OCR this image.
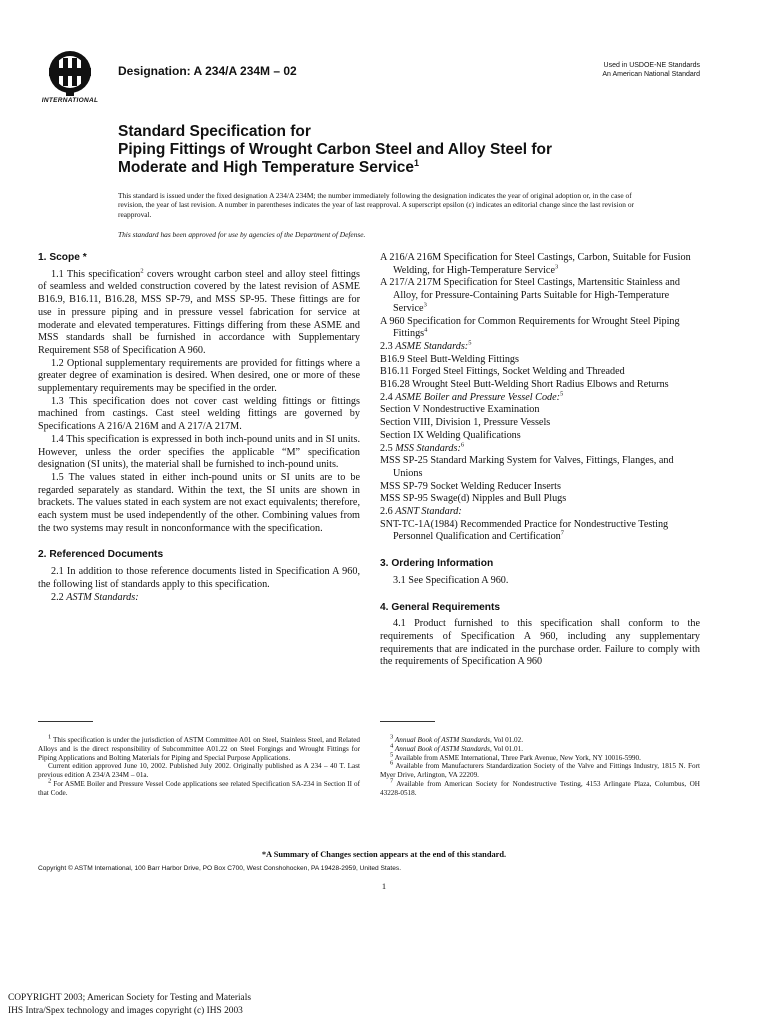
INTERNATIONAL
Designation: A 234/A 234M – 02	Used in USDOE-NE Standards
An American National Standard
Standard Specification for
Piping Fittings of Wrought Carbon Steel and Alloy Steel for
Moderate and High Temperature Service$^1$
This standard is issued under the fixed designation A 234/A 234M; the number immediately following the designation indicates the year of original adoption or, in the case of revision, the year of last revision. A number in parentheses indicates the year of last reapproval. A superscript epsilon (ε) indicates an editorial change since the last revision or reapproval.
This standard has been approved for use by agencies of the Department of Defense.
1. Scope *

1.1 This specification$^2$ covers wrought carbon steel and alloy steel fittings of seamless and welded construction covered by the latest revision of ASME B16.9, B16.11, B16.28, MSS SP-79, and MSS SP-95. These fittings are for use in pressure piping and in pressure vessel fabrication for service at moderate and elevated temperatures. Fittings differing from these ASME and MSS standards shall be furnished in accordance with Supplementary Requirement S58 of Specification A 960.

1.2 Optional supplementary requirements are provided for fittings where a greater degree of examination is desired. When desired, one or more of these supplementary requirements may be specified in the order.

1.3 This specification does not cover cast welding fittings or fittings machined from castings. Cast steel welding fittings are governed by Specifications A 216/A 216M and A 217/A 217M.

1.4 This specification is expressed in both inch-pound units and in SI units. However, unless the order specifies the applicable “M” specification designation (SI units), the material shall be furnished to inch-pound units.

1.5 The values stated in either inch-pound units or SI units are to be regarded separately as standard. Within the text, the SI units are shown in brackets. The values stated in each system are not exact equivalents; therefore, each system must be used independently of the other. Combining values from the two systems may result in nonconformance with the specification.

2. Referenced Documents

2.1 In addition to those reference documents listed in Specification A 960, the following list of standards apply to this specification.

2.2 ASTM Standards:

A 216/A 216M Specification for Steel Castings, Carbon, Suitable for Fusion Welding, for High-Temperature Service$^3$

A 217/A 217M Specification for Steel Castings, Martensitic Stainless and Alloy, for Pressure-Containing Parts Suitable for High-Temperature Service$^3$

A 960 Specification for Common Requirements for Wrought Steel Piping Fittings$^4$

2.3 ASME Standards:$^5$

B16.9 Steel Butt-Welding Fittings

B16.11 Forged Steel Fittings, Socket Welding and Threaded

B16.28 Wrought Steel Butt-Welding Short Radius Elbows and Returns

2.4 ASME Boiler and Pressure Vessel Code:$^5$

Section V Nondestructive Examination

Section VIII, Division 1, Pressure Vessels

Section IX Welding Qualifications

2.5 MSS Standards:$^6$

MSS SP-25 Standard Marking System for Valves, Fittings, Flanges, and Unions

MSS SP-79 Socket Welding Reducer Inserts

MSS SP-95 Swage(d) Nipples and Bull Plugs

2.6 ASNT Standard:

SNT-TC-1A(1984) Recommended Practice for Nondestructive Testing Personnel Qualification and Certification$^7$

3. Ordering Information

3.1 See Specification A 960.

4. General Requirements

4.1 Product furnished to this specification shall conform to the requirements of Specification A 960, including any supplementary requirements that are indicated in the purchase order. Failure to comply with the requirements of Specification A 960

$^1$ This specification is under the jurisdiction of ASTM Committee A01 on Steel, Stainless Steel, and Related Alloys and is the direct responsibility of Subcommittee A01.22 on Steel Forgings and Wrought Fittings for Piping Applications and Bolting Materials for Piping and Special Purpose Applications.

Current edition approved June 10, 2002. Published July 2002. Originally published as A 234 – 40 T. Last previous edition A 234/A 234M – 01a.

$^2$ For ASME Boiler and Pressure Vessel Code applications see related Specification SA-234 in Section II of that Code.

$^3$ Annual Book of ASTM Standards, Vol 01.02.

$^4$ Annual Book of ASTM Standards, Vol 01.01.

$^5$ Available from ASME International, Three Park Avenue, New York, NY 10016-5990.

$^6$ Available from Manufacturers Standardization Society of the Valve and Fittings Industry, 1815 N. Fort Myer Drive, Arlington, VA 22209.

$^7$ Available from American Society for Nondestructive Testing, 4153 Arlingate Plaza, Columbus, OH 43228-0518.

*A Summary of Changes section appears at the end of this standard.
Copyright © ASTM International, 100 Barr Harbor Drive, PO Box C700, West Conshohocken, PA 19428-2959, United States.
1
COPYRIGHT 2003; American Society for Testing and Materials
IHS Intra/Spex technology and images copyright (c) IHS 2003
